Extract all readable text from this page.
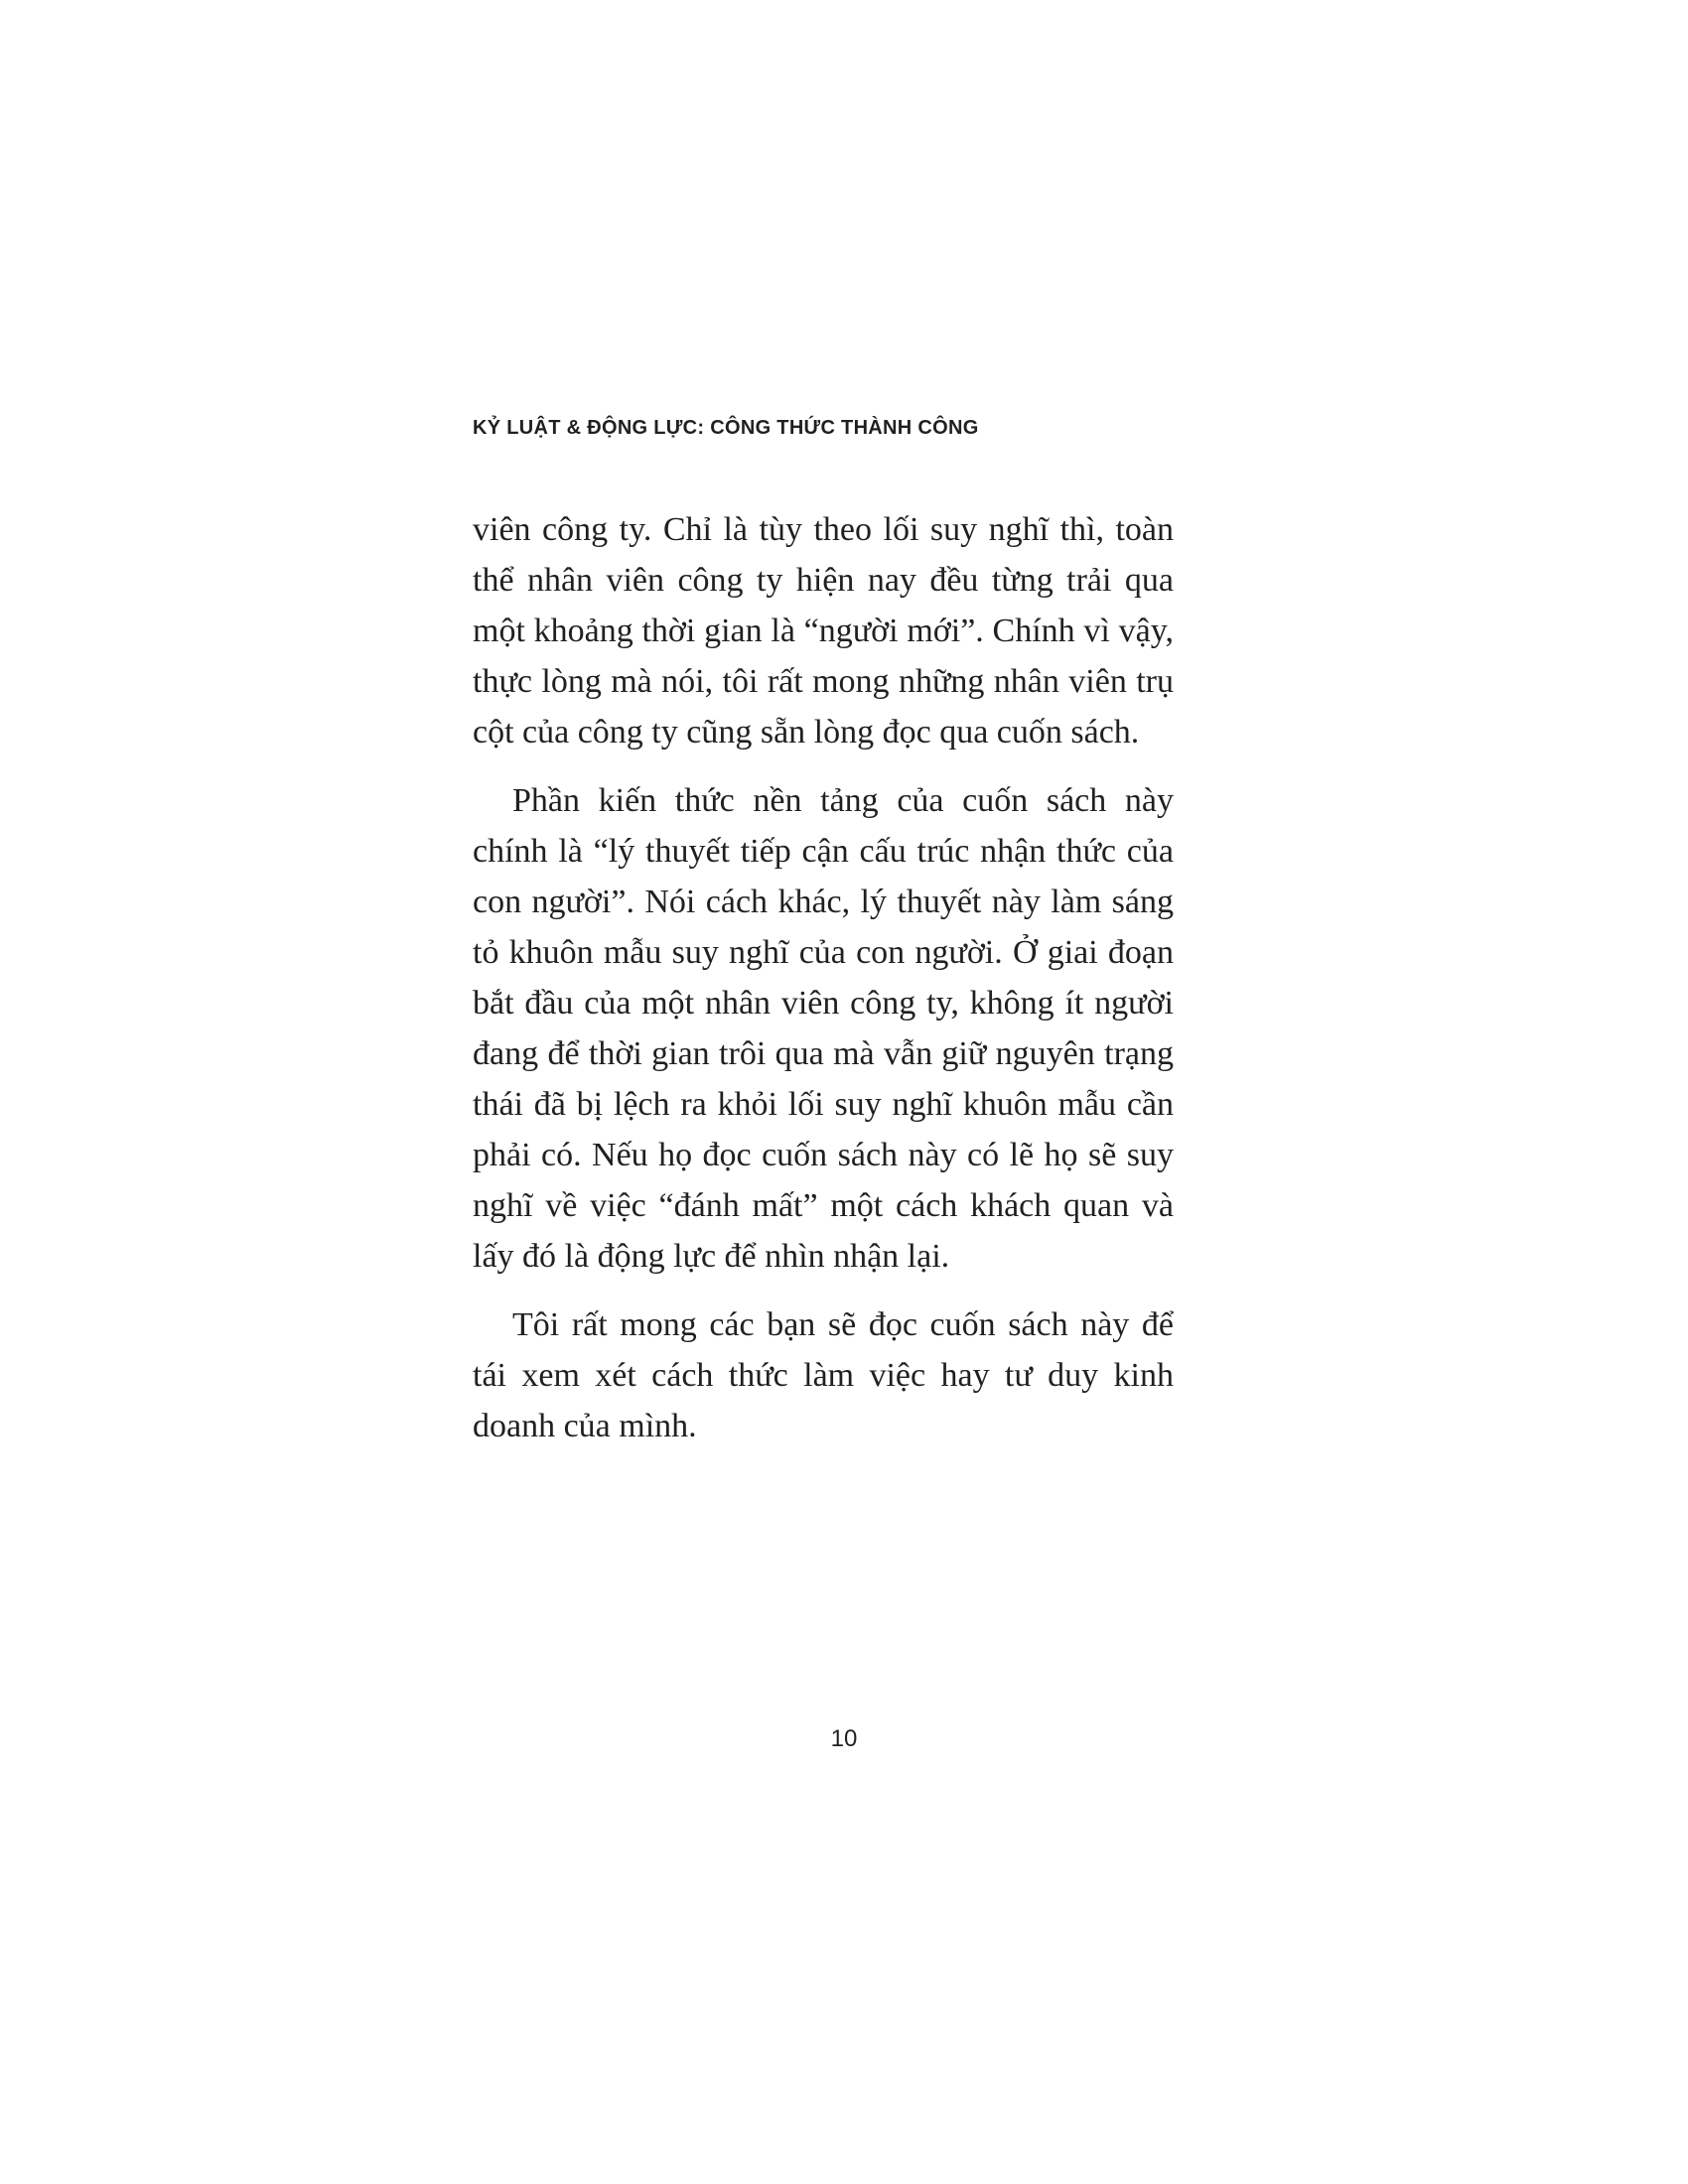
KỶ LUẬT & ĐỘNG LỰC: CÔNG THỨC THÀNH CÔNG

viên công ty. Chỉ là tùy theo lối suy nghĩ thì, toàn thể nhân viên công ty hiện nay đều từng trải qua một khoảng thời gian là “người mới”. Chính vì vậy, thực lòng mà nói, tôi rất mong những nhân viên trụ cột của công ty cũng sẵn lòng đọc qua cuốn sách.

Phần kiến thức nền tảng của cuốn sách này chính là “lý thuyết tiếp cận cấu trúc nhận thức của con người”. Nói cách khác, lý thuyết này làm sáng tỏ khuôn mẫu suy nghĩ của con người. Ở giai đoạn bắt đầu của một nhân viên công ty, không ít người đang để thời gian trôi qua mà vẫn giữ nguyên trạng thái đã bị lệch ra khỏi lối suy nghĩ khuôn mẫu cần phải có. Nếu họ đọc cuốn sách này có lẽ họ sẽ suy nghĩ về việc “đánh mất” một cách khách quan và lấy đó là động lực để nhìn nhận lại.

Tôi rất mong các bạn sẽ đọc cuốn sách này để tái xem xét cách thức làm việc hay tư duy kinh doanh của mình.

10
